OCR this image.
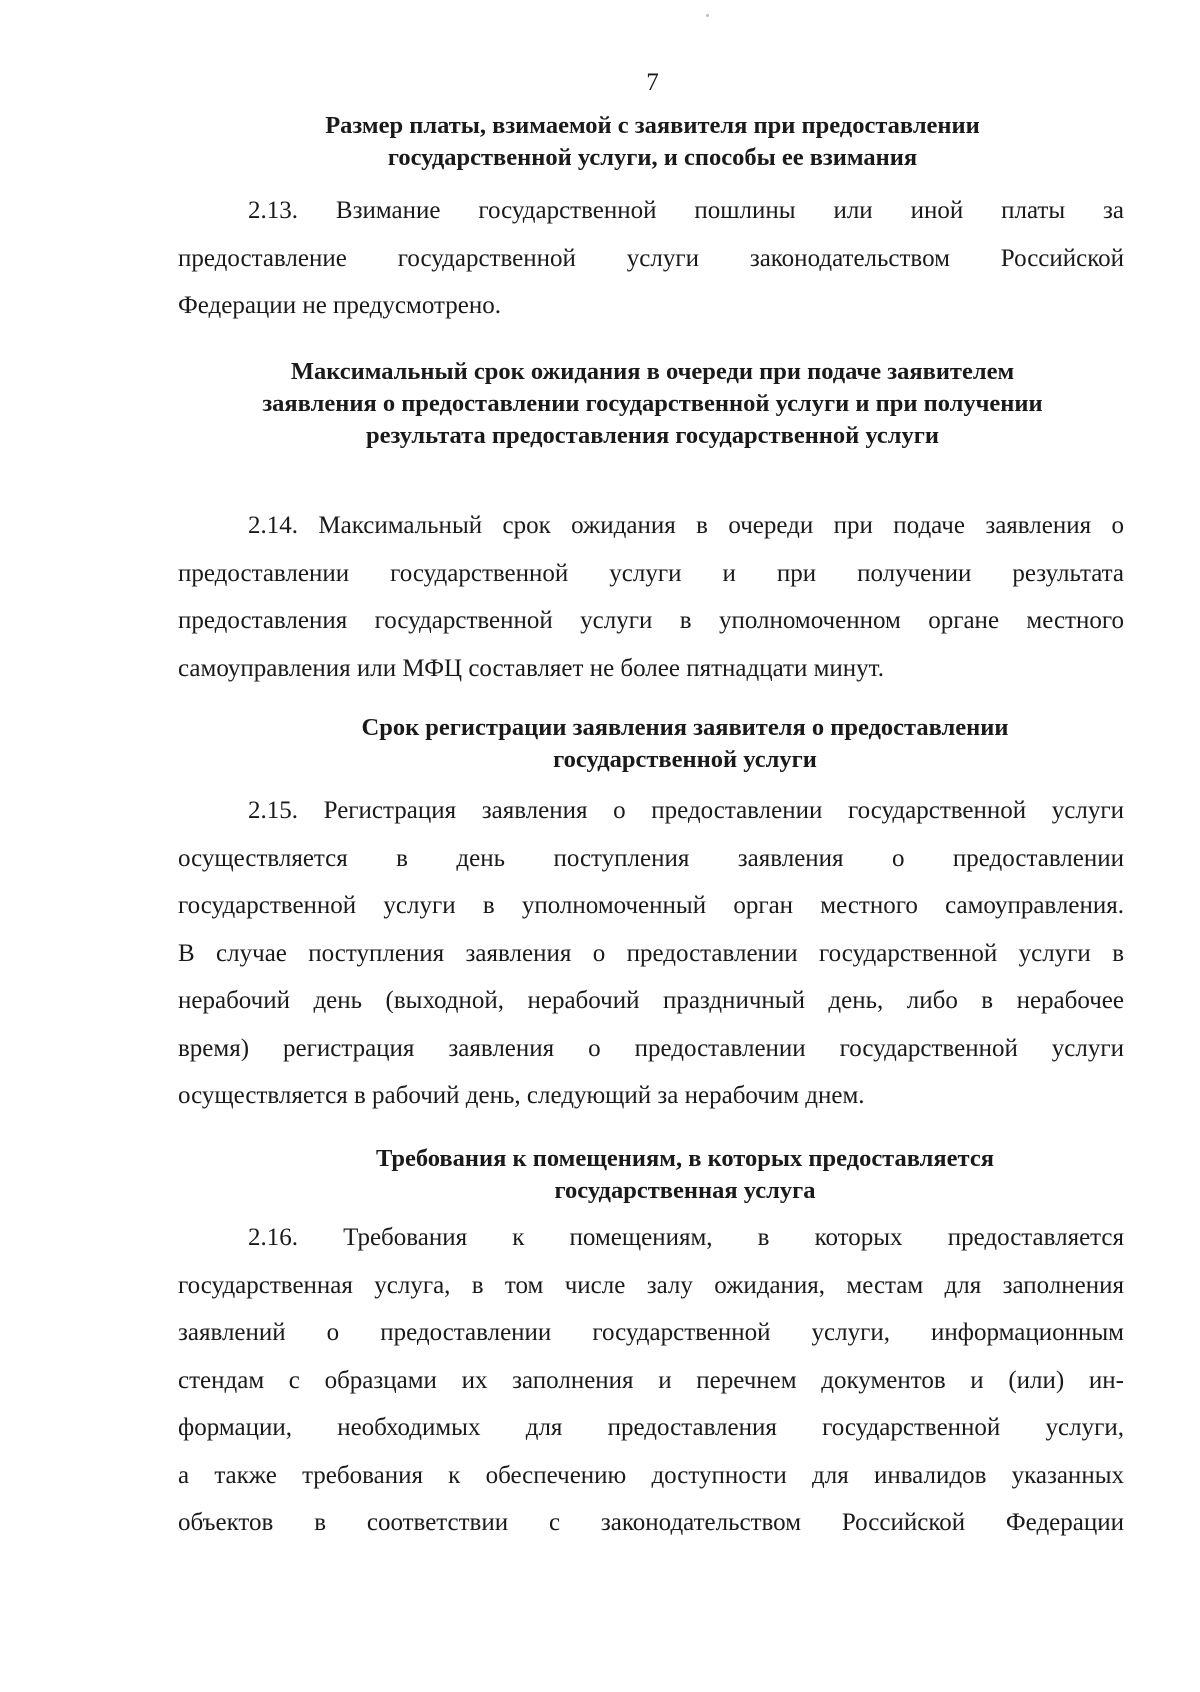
7
Размер платы, взимаемой с заявителя при предоставлении
государственной услуги, и способы ее взимания
2.13. Взимание государственной пошлины или иной платы за
предоставление государственной услуги законодательством Российской
Федерации не предусмотрено.
Максимальный срок ожидания в очереди при подаче заявителем
заявления о предоставлении государственной услуги и при получении
результата предоставления государственной услуги
2.14. Максимальный срок ожидания в очереди при подаче заявления о
предоставлении государственной услуги и при получении результата
предоставления государственной услуги в уполномоченном органе местного
самоуправления или МФЦ составляет не более пятнадцати минут.
Срок регистрации заявления заявителя о предоставлении
государственной услуги
2.15. Регистрация заявления о предоставлении государственной услуги
осуществляется в день поступления заявления о предоставлении
государственной услуги в уполномоченный орган местного самоуправления.
В случае поступления заявления о предоставлении государственной услуги в
нерабочий день (выходной, нерабочий праздничный день, либо в нерабочее
время) регистрация заявления о предоставлении государственной услуги
осуществляется в рабочий день, следующий за нерабочим днем.
Требования к помещениям, в которых предоставляется
государственная услуга
2.16. Требования к помещениям, в которых предоставляется
государственная услуга, в том числе залу ожидания, местам для заполнения
заявлений о предоставлении государственной услуги, информационным
стендам с образцами их заполнения и перечнем документов и (или) ин-
формации, необходимых для предоставления государственной услуги,
а также требования к обеспечению доступности для инвалидов указанных
объектов в соответствии с законодательством Российской Федерации
